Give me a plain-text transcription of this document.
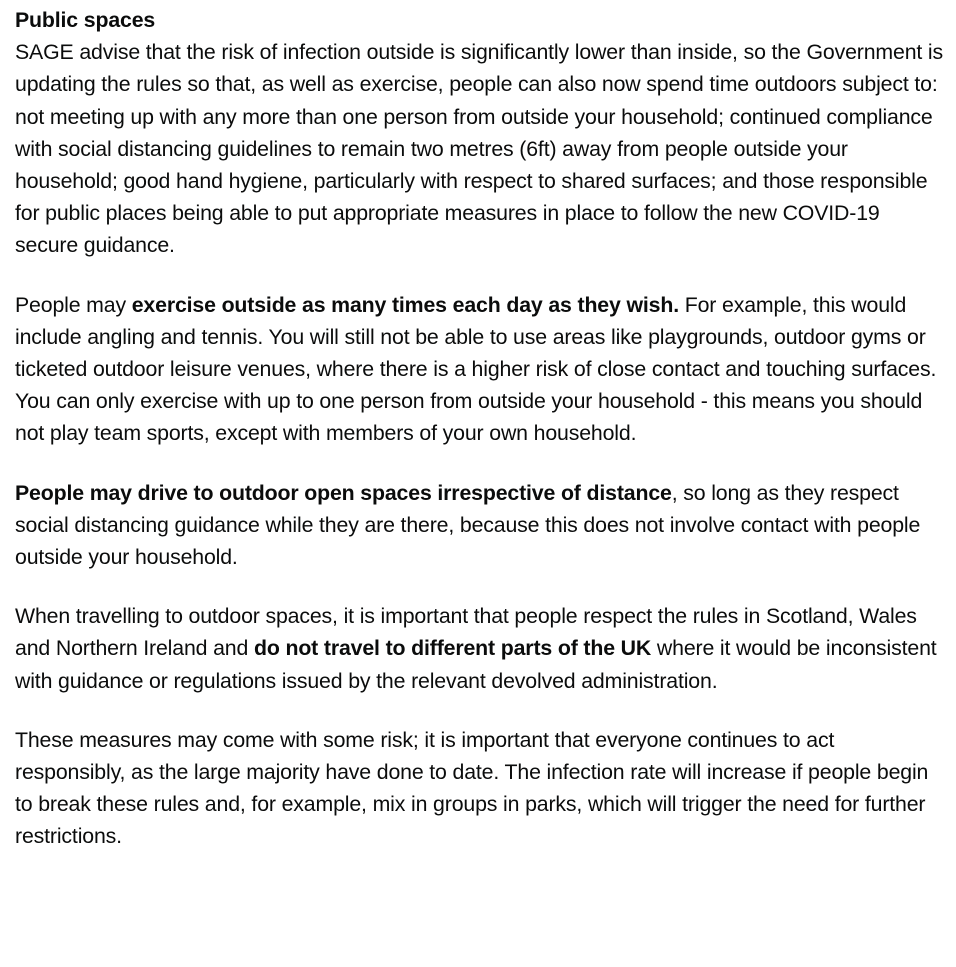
Public spaces

SAGE advise that the risk of infection outside is significantly lower than inside, so the Government is updating the rules so that, as well as exercise, people can also now spend time outdoors subject to: not meeting up with any more than one person from outside your household; continued compliance with social distancing guidelines to remain two metres (6ft) away from people outside your household; good hand hygiene, particularly with respect to shared surfaces; and those responsible for public places being able to put appropriate measures in place to follow the new COVID-19 secure guidance.

People may exercise outside as many times each day as they wish. For example, this would include angling and tennis. You will still not be able to use areas like playgrounds, outdoor gyms or ticketed outdoor leisure venues, where there is a higher risk of close contact and touching surfaces. You can only exercise with up to one person from outside your household - this means you should not play team sports, except with members of your own household.

People may drive to outdoor open spaces irrespective of distance, so long as they respect social distancing guidance while they are there, because this does not involve contact with people outside your household.

When travelling to outdoor spaces, it is important that people respect the rules in Scotland, Wales and Northern Ireland and do not travel to different parts of the UK where it would be inconsistent with guidance or regulations issued by the relevant devolved administration.

These measures may come with some risk; it is important that everyone continues to act responsibly, as the large majority have done to date. The infection rate will increase if people begin to break these rules and, for example, mix in groups in parks, which will trigger the need for further restrictions.
